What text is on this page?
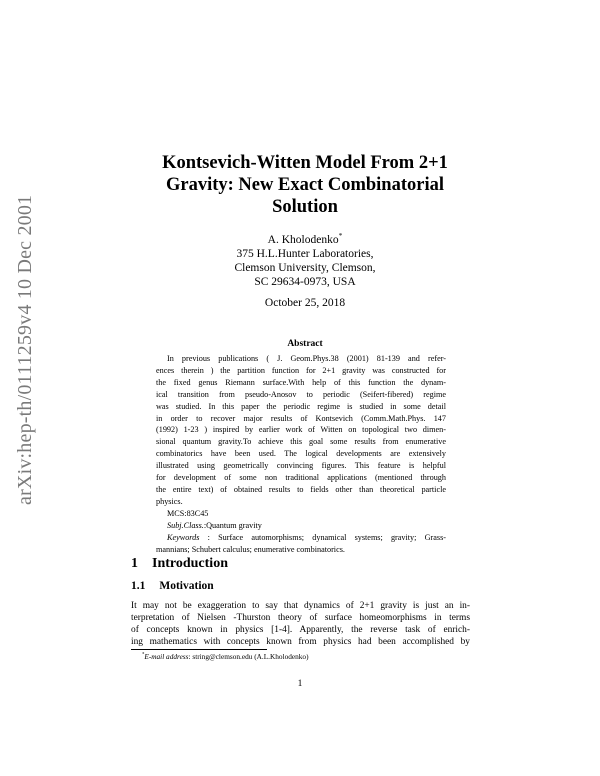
arXiv:hep-th/0111259v4 10 Dec 2001
Kontsevich-Witten Model From 2+1
Gravity: New Exact Combinatorial
Solution
A. Kholodenko*
375 H.L.Hunter Laboratories,
Clemson University, Clemson,
SC 29634-0973, USA
October 25, 2018
Abstract
In previous publications ( J. Geom.Phys.38 (2001) 81-139 and refer-
ences therein ) the partition function for 2+1 gravity was constructed for
the fixed genus Riemann surface.With help of this function the dynam-
ical transition from pseudo-Anosov to periodic (Seifert-fibered) regime
was studied. In this paper the periodic regime is studied in some detail
in order to recover major results of Kontsevich (Comm.Math.Phys. 147
(1992) 1-23 ) inspired by earlier work of Witten on topological two dimen-
sional quantum gravity.To achieve this goal some results from enumerative
combinatorics have been used. The logical developments are extensively
illustrated using geometrically convincing figures. This feature is helpful
for development of some non traditional applications (mentioned through
the entire text) of obtained results to fields other than theoretical particle
physics.
MCS:83C45
Subj.Class.:Quantum gravity
Keywords : Surface automorphisms; dynamical systems; gravity; Grass-
mannians; Schubert calculus; enumerative combinatorics.
1 Introduction
1.1 Motivation
It may not be exaggeration to say that dynamics of 2+1 gravity is just an in-
terpretation of Nielsen -Thurston theory of surface homeomorphisms in terms
of concepts known in physics [1-4]. Apparently, the reverse task of enrich-
ing mathematics with concepts known from physics had been accomplished by
*E-mail address: string@clemson.edu (A.L.Kholodenko)
1
